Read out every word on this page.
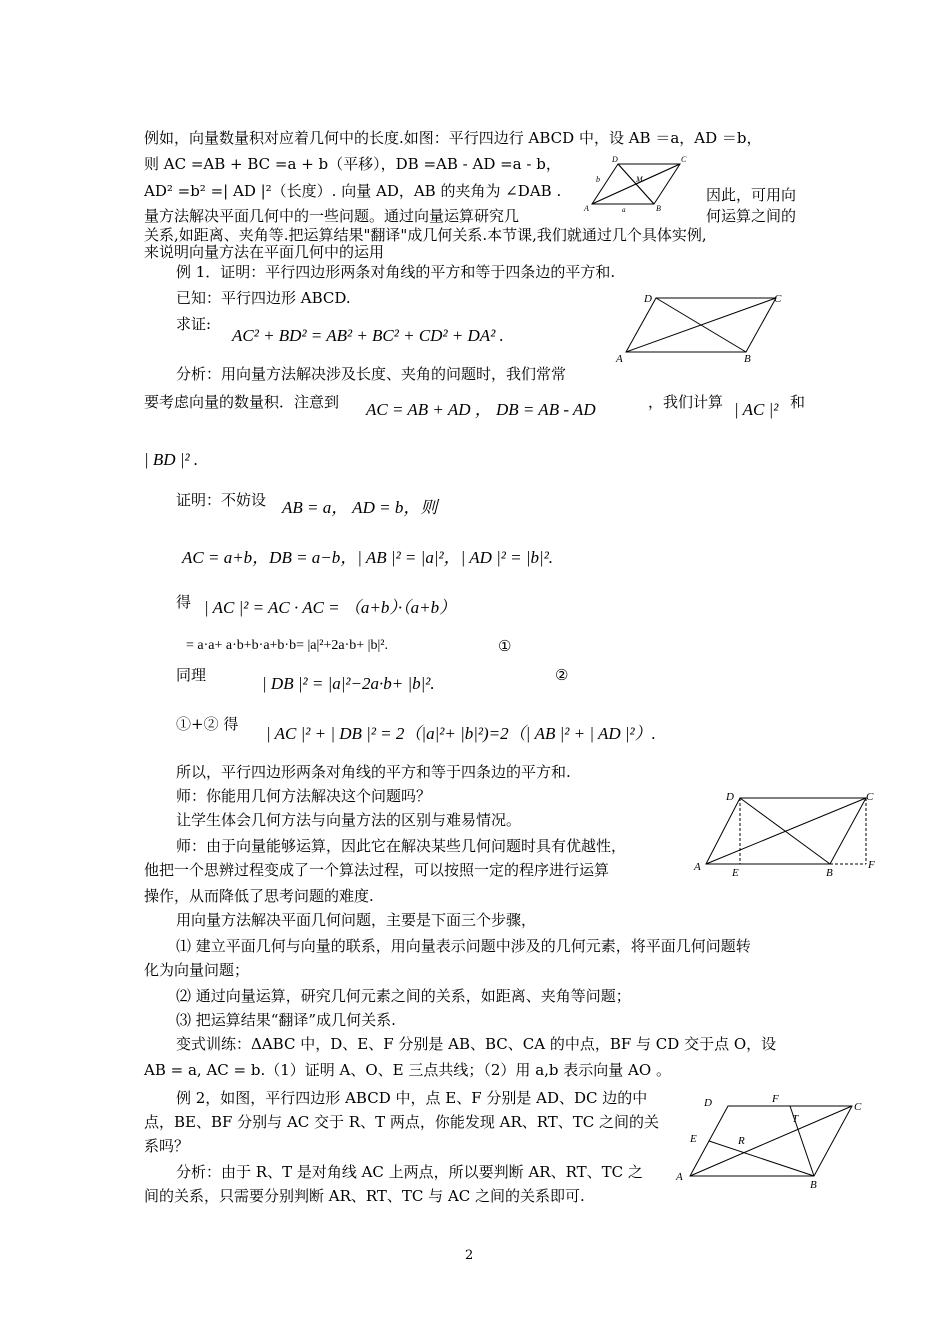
例如，向量数量积对应着几何中的长度.如图：平行四边行 ABCD 中，设 AB ＝a，AD ＝b，
则 AC =AB + BC =a + b（平移），DB =AB - AD =a - b，
AD² =b² =| AD |²（长度）. 向量 AD，AB 的夹角为 ∠DAB .	因此，可用向
量方法解决平面几何中的一些问题。通过向量运算研究几	何运算之间的
关系,如距离、夹角等.把运算结果"翻译"成几何关系.本节课,我们就通过几个具体实例,
来说明向量方法在平面几何中的运用
D	C
A	B
M
b
a
例 1．证明：平行四边形两条对角线的平方和等于四条边的平方和.
已知：平行四边形 ABCD.
求证:
AC² + BD² = AB² + BC² + CD² + DA² .
D	C
A	B
分析：用向量方法解决涉及长度、夹角的问题时，我们常常
要考虑向量的数量积．注意到 AC = AB + AD ， DB = AB - AD	，我们计算 | AC |² 和
| BD |² .
证明：不妨设 AB = a， AD = b，则
AC = a+b，DB = a−b，| AB |² = |a|²，| AD |² = |b|².
得 | AC |² = AC · AC = （a+b）·（a+b）
= a·a+ a·b+b·a+b·b= |a|²+2a·b+ |b|².	①
同理	| DB |² = |a|²−2a·b+ |b|².	②
①+② 得 | AC |² + | DB |² = 2（|a|²+ |b|²)=2（| AB |² + | AD |²）.
所以，平行四边形两条对角线的平方和等于四条边的平方和.
师：你能用几何方法解决这个问题吗？
让学生体会几何方法与向量方法的区别与难易情况。
师：由于向量能够运算，因此它在解决某些几何问题时具有优越性，
他把一个思辨过程变成了一个算法过程，可以按照一定的程序进行运算
操作，从而降低了思考问题的难度.
D	C
A	E	B
F
用向量方法解决平面几何问题，主要是下面三个步骤，
⑴ 建立平面几何与向量的联系，用向量表示问题中涉及的几何元素，将平面几何问题转
化为向量问题；
⑵ 通过向量运算，研究几何元素之间的关系，如距离、夹角等问题；
⑶ 把运算结果“翻译”成几何关系.
变式训练：ΔABC 中，D、E、F 分别是 AB、BC、CA 的中点，BF 与 CD 交于点 O，设
AB = a, AC = b.（1）证明 A、O、E 三点共线；（2）用 a,b 表示向量 AO 。
例 2，如图，平行四边形 ABCD 中，点 E、F 分别是 AD、DC 边的中
点，BE、BF 分别与 AC 交于 R、T 两点，你能发现 AR、RT、TC 之间的关
系吗？
分析：由于 R、T 是对角线 AC 上两点，所以要判断 AR、RT、TC 之
间的关系，只需要分别判断 AR、RT、TC 与 AC 之间的关系即可.
D	F
C
T
E	R
A
B
2
